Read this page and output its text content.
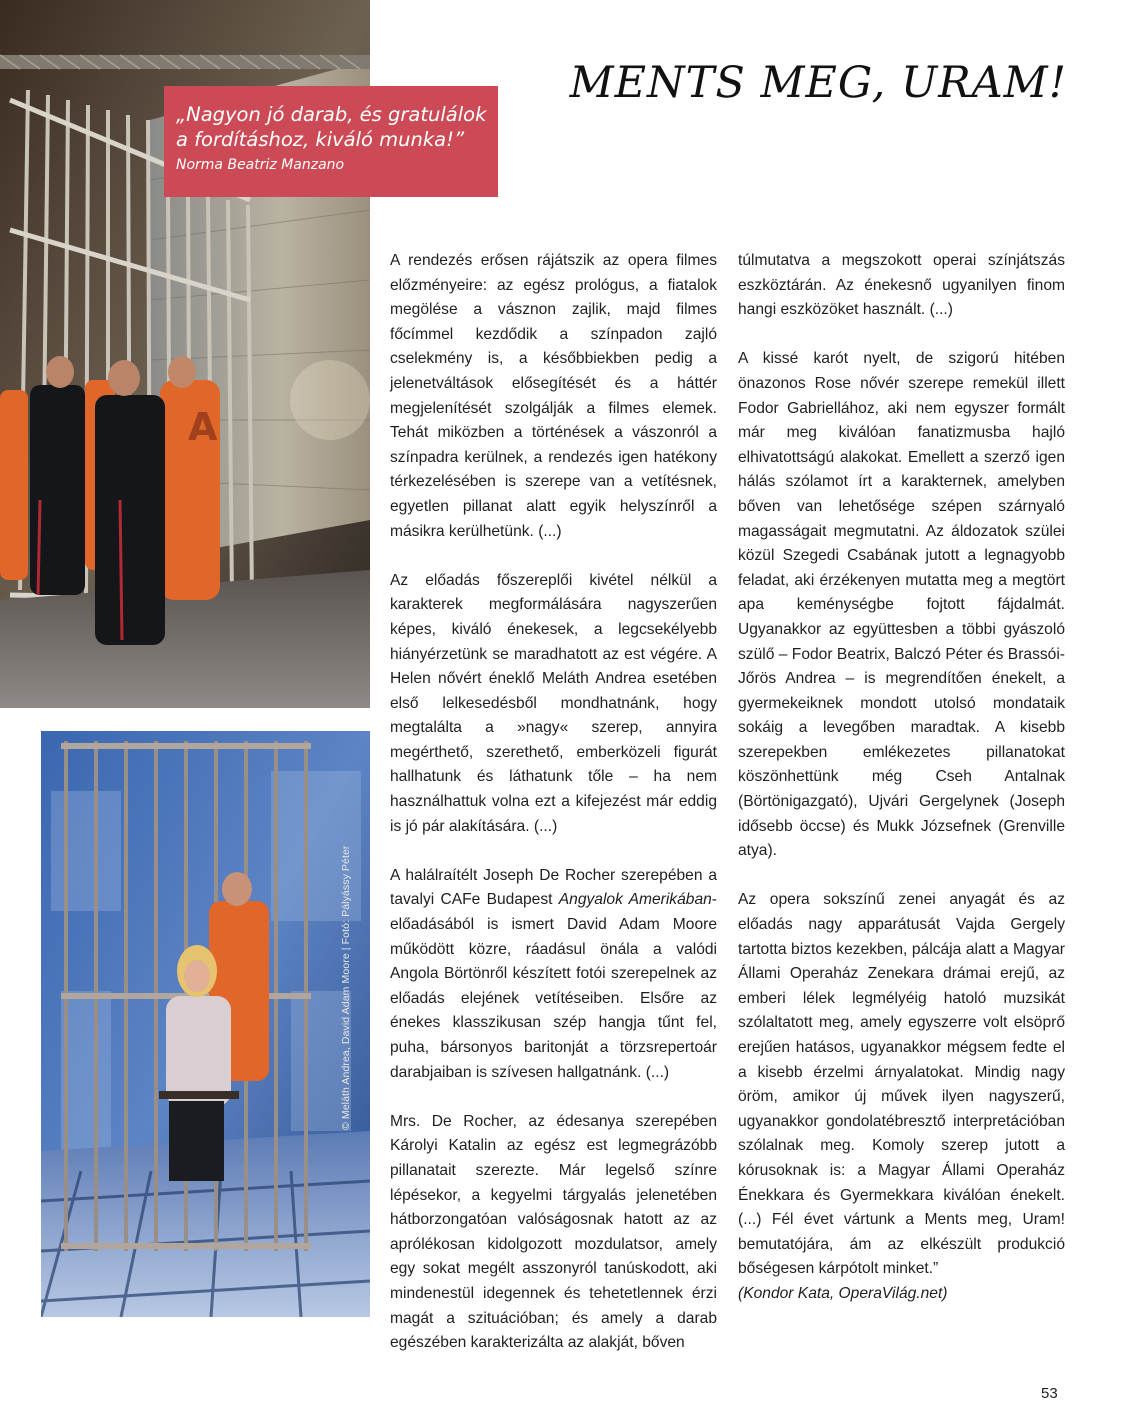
A

„Nagyon jó darab, és gratulálok
a fordításhoz, kiváló munka!”

Norma Beatriz Manzano
MENTS MEG, URAM!
© Meláth Andrea, David Adam Moore | Fotó: Pályássy Péter

A rendezés erősen rájátszik az opera filmes előzményeire: az egész prológus, a fiatalok megölése a vásznon zajlik, majd filmes főcímmel kezdődik a színpadon zajló cselekmény is, a későbbiekben pedig a jelenetváltások elősegítését és a háttér megjelenítését szolgálják a filmes elemek. Tehát miközben a történések a vászonról a színpadra kerülnek, a rendezés igen hatékony térkezelésében is szerepe van a vetítésnek, egyetlen pillanat alatt egyik helyszínről a másikra kerülhetünk. (...)

Az előadás főszereplői kivétel nélkül a karakterek megformálására nagyszerűen képes, kiváló énekesek, a legcsekélyebb hiányérzetünk se maradhatott az est végére. A Helen nővért éneklő Meláth Andrea esetében első lelkesedésből mondhatnánk, hogy megtalálta a »nagy« szerep, annyira megérthető, szerethető, emberközeli figurát hallhatunk és láthatunk tőle – ha nem használhattuk volna ezt a kifejezést már eddig is jó pár alakítására. (...)

A halálraítélt Joseph De Rocher szerepében a tavalyi CAFe Budapest Angyalok Amerikában-előadásából is ismert David Adam Moore működött közre, ráadásul önála a valódi Angola Börtönről készített fotói szerepelnek az előadás elejének vetítéseiben. Elsőre az énekes klasszikusan szép hangja tűnt fel, puha, bársonyos baritonját a törzsrepertoár darabjaiban is szívesen hallgatnánk. (...)

Mrs. De Rocher, az édesanya szerepében Károlyi Katalin az egész est legmegrázóbb pillanatait szerezte. Már legelső színre lépésekor, a kegyelmi tárgyalás jelenetében hátborzongatóan valóságosnak hatott az az aprólékosan kidolgozott mozdulatsor, amely egy sokat megélt asszonyról tanúskodott, aki mindenestül idegennek és tehetetlennek érzi magát a szituációban; és amely a darab egészében karakterizálta az alakját, bőven

túlmutatva a megszokott operai színjátszás eszköztárán. Az énekesnő ugyanilyen finom hangi eszközöket használt. (...)

A kissé karót nyelt, de szigorú hitében önazonos Rose nővér szerepe remekül illett Fodor Gabriellához, aki nem egyszer formált már meg kiválóan fanatizmusba hajló elhivatottságú alakokat. Emellett a szerző igen hálás szólamot írt a karakternek, amelyben bőven van lehetősége szépen szárnyaló magasságait megmutatni. Az áldozatok szülei közül Szegedi Csabának jutott a legnagyobb feladat, aki érzékenyen mutatta meg a megtört apa keménységbe fojtott fájdalmát. Ugyanakkor az együttesben a többi gyászoló szülő – Fodor Beatrix, Balczó Péter és Brassói-Jőrös Andrea – is megrendítően énekelt, a gyermekeiknek mondott utolsó mondataik sokáig a levegőben maradtak. A kisebb szerepekben emlékezetes pillanatokat köszönhettünk még Cseh Antalnak (Börtönigazgató), Ujvári Gergelynek (Joseph idősebb öccse) és Mukk Józsefnek (Grenville atya).

Az opera sokszínű zenei anyagát és az előadás nagy apparátusát Vajda Gergely tartotta biztos kezekben, pálcája alatt a Magyar Állami Operaház Zenekara drámai erejű, az emberi lélek legmélyéig hatoló muzsikát szólaltatott meg, amely egyszerre volt elsöprő erejűen hatásos, ugyanakkor mégsem fedte el a kisebb érzelmi árnyalatokat. Mindig nagy öröm, amikor új művek ilyen nagyszerű, ugyanakkor gondolatébresztő interpretációban szólalnak meg. Komoly szerep jutott a kórusoknak is: a Magyar Állami Operaház Énekkara és Gyermekkara kiválóan énekelt. (...) Fél évet vártunk a Ments meg, Uram! bemutatójára, ám az elkészült produkció bőségesen kárpótolt minket.”

(Kondor Kata, OperaVilág.net)
53
